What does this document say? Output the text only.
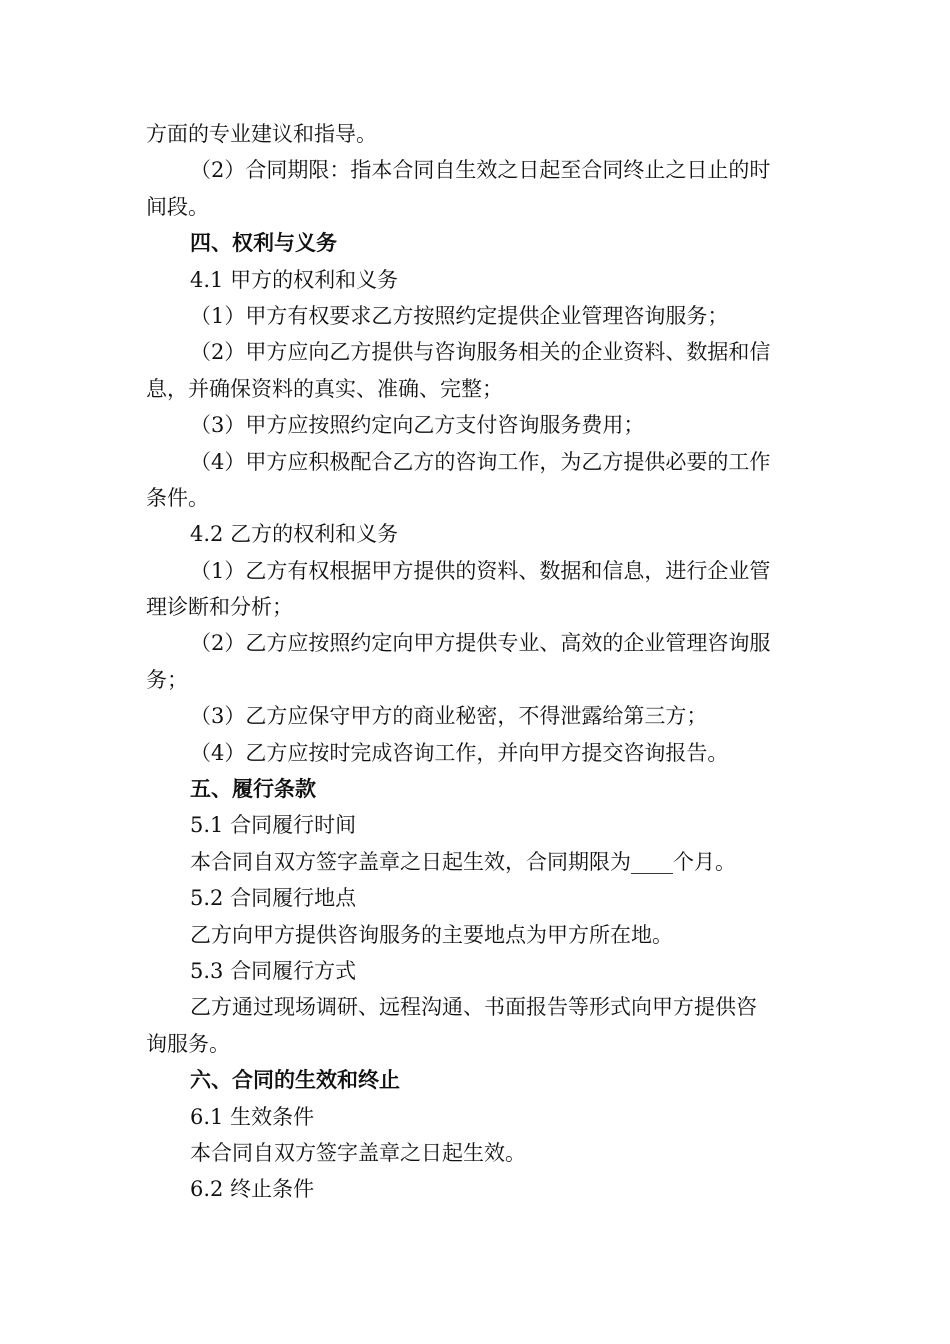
方面的专业建议和指导。
（2）合同期限：指本合同自生效之日起至合同终止之日止的时
间段。
四、权利与义务
4.1 甲方的权利和义务
（1）甲方有权要求乙方按照约定提供企业管理咨询服务；
（2）甲方应向乙方提供与咨询服务相关的企业资料、数据和信
息，并确保资料的真实、准确、完整；
（3）甲方应按照约定向乙方支付咨询服务费用；
（4）甲方应积极配合乙方的咨询工作，为乙方提供必要的工作
条件。
4.2 乙方的权利和义务
（1）乙方有权根据甲方提供的资料、数据和信息，进行企业管
理诊断和分析；
（2）乙方应按照约定向甲方提供专业、高效的企业管理咨询服
务；
（3）乙方应保守甲方的商业秘密，不得泄露给第三方；
（4）乙方应按时完成咨询工作，并向甲方提交咨询报告。
五、履行条款
5.1 合同履行时间
本合同自双方签字盖章之日起生效，合同期限为____个月。
5.2 合同履行地点
乙方向甲方提供咨询服务的主要地点为甲方所在地。
5.3 合同履行方式
乙方通过现场调研、远程沟通、书面报告等形式向甲方提供咨
询服务。
六、合同的生效和终止
6.1 生效条件
本合同自双方签字盖章之日起生效。
6.2 终止条件
